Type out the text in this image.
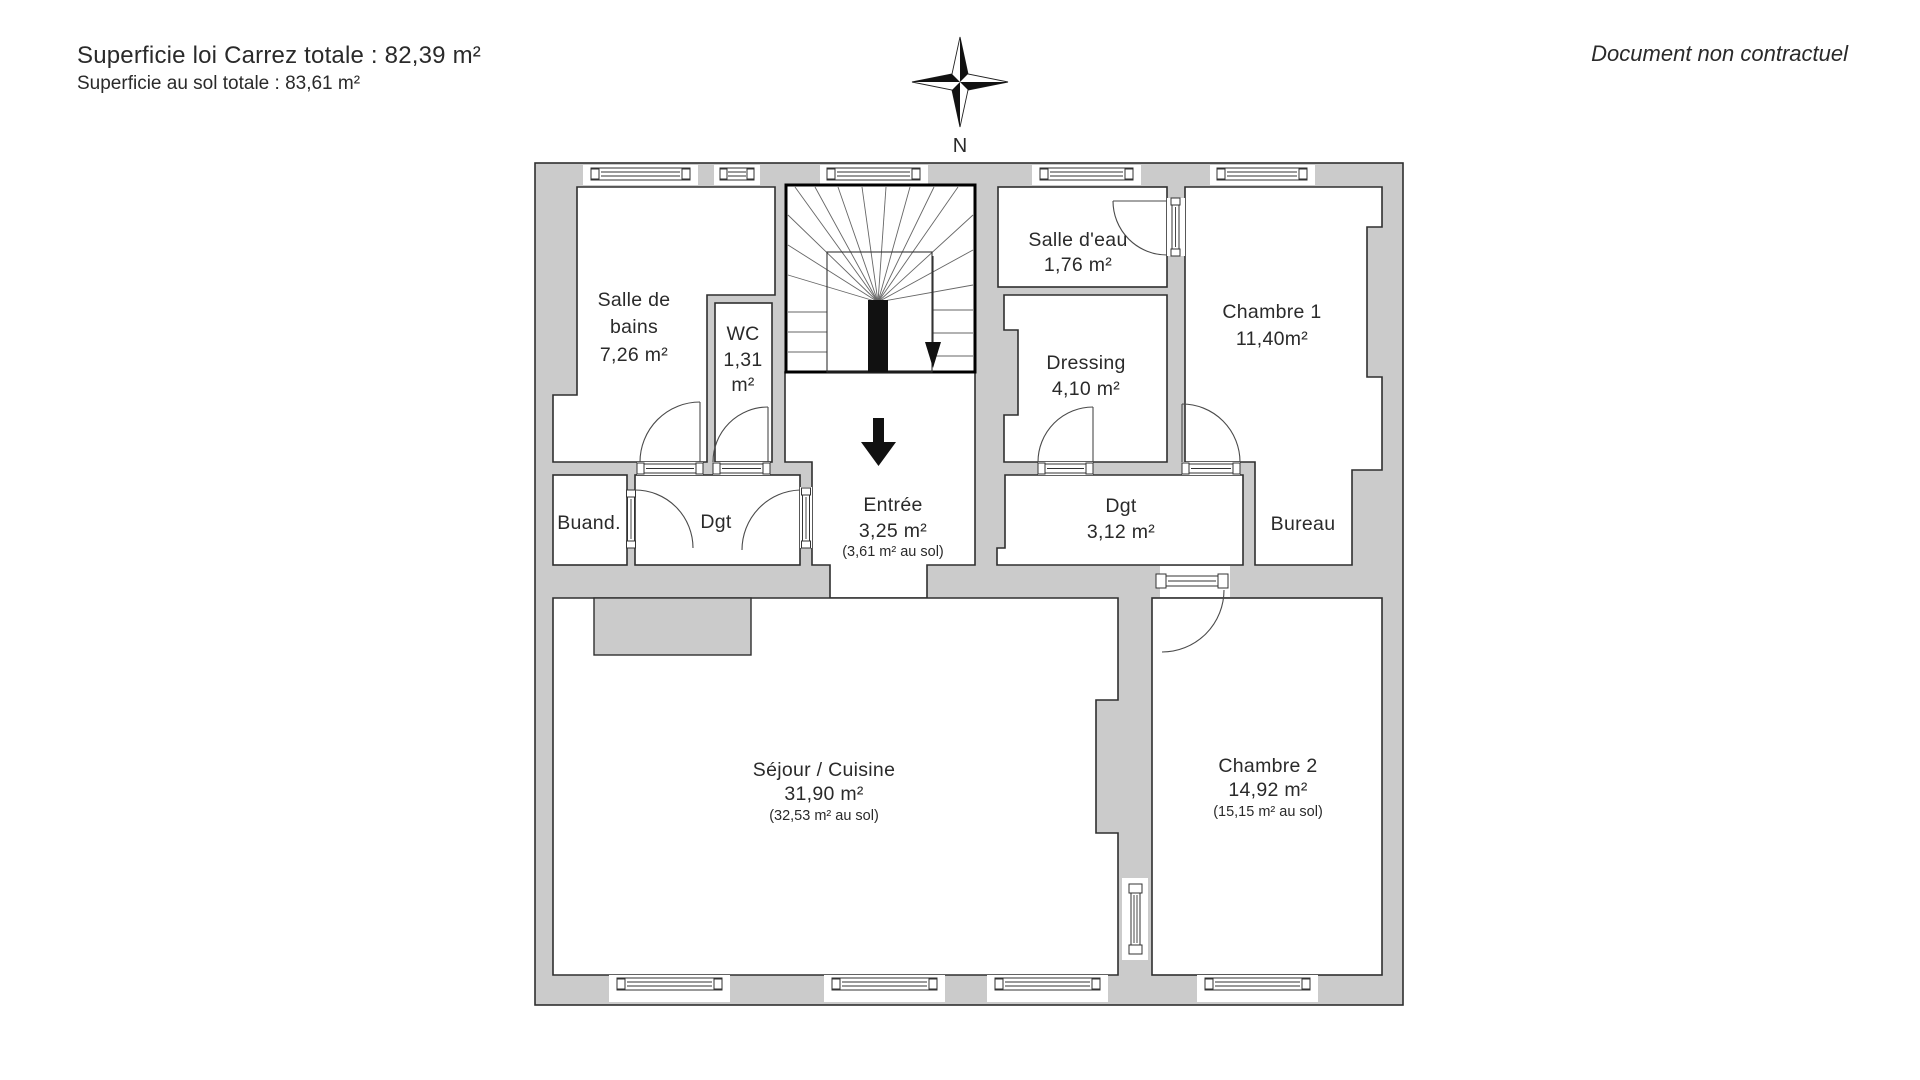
Superficie loi Carrez totale : 82,39 m²
Superficie au sol totale : 83,61 m²
Document non contractuel
N
Salle de
bains
7,26 m²
WC
1,31
m²
Salle d'eau
1,76 m²
Chambre 1
11,40m²
Dressing
4,10 m²
Buand.	Dgt
Entrée
3,25 m²
(3,61 m² au sol)
Dgt
3,12 m²	Bureau
Séjour / Cuisine
31,90 m²
(32,53 m² au sol)
Chambre 2
14,92 m²
(15,15 m² au sol)
